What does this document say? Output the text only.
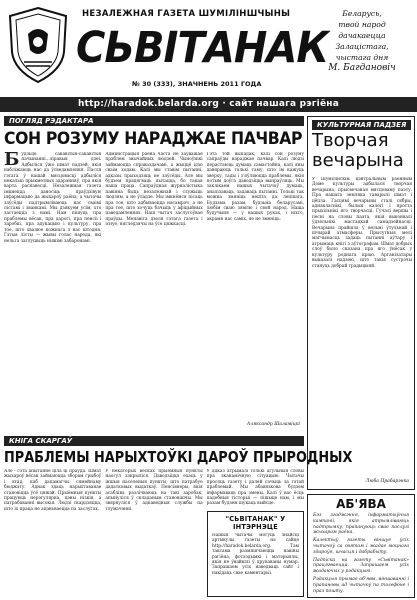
НЕЗАЛЕЖНАЯ ГАЗЕТА ШУМІЛІНШЧЫНЫ
СЬВІТАНАК
№ 30 (333), ЗНАЧНЕНЬ 2011 ГОДА
Беларусь,
твой народ
дачакаецца
Залацістага,
чыстага дня
М. Багдановіч
http://haradok.belarda.org · сайт нашага рэгіёна
ПОГЛЯД РЭДАКТАРА
СОН РОЗУМУ НАРАДЖАЕ ПАЧВАР
Б удзьце сакавітыя-сакавітыя пачынанні...ліравыя дзеі. Адбыліся ўжо шмат падзей, якія набліжаюць нас да ўсведамлення. Пасля гэтага ў нашай мясцовасці адбыліся некалькі прыкметных здарэнняў, пра якія варта распавесці. Незалежная газета імкнецца даносіць праўдзівую інфармацыю да жыхароў раёна, а чытачы заўсёды падтрымліваюць нас сваімі лістамі і званкамі. Мы дзякуем усім, хто застаецца з намі. Нам пішуць пра праблемы вёсак, пра дарогі, пра пенсіі і заробкі, пра адукацыю і культуру, пра тое, што хвалюе кожнага з нас штодня. Гэтыя лісты — жывы голас народа, які нельга заглушыць ніякімі забаронамі.
Адміністрацыя раёна часта не заўважае праблем звычайных людзей. Чыноўнікі займаюцца справаздачамі, а жыццё ідзе сваім ходам. Калі мы ставім пытанні, адказы прыходзяць не заўсёды. Але мы будзем працягваць пытацца, бо такая наша праца. Сапраўдная журналістыка павінна быць незалежнай і служыць людзям, а не ўладзе. Мы імкнёмся пісаць пра тое, што адбываецца насамрэч, а не пра тое, што хочуць бачыць у афіцыйных паведамленнях. Наш чытач заслугоўвае праўды. Менавіта дзеля гэтага газета і існуе, нягледзячы на ўсе цяжкасці.
Гэта той выпадак, калі сон розуму сапраўды нараджае пачвар. Калі людзі перастаюць думаць самастойна, калі яны давяраюць толькі таму, што ім кажуць зверху, тады і з'яўляюцца праблемы, якія потым доўга даводзіцца выпраўляць. Мы заклікаем нашых чытачоў думаць, аналізаваць, задаваць пытанні. Толькі так можна змяніць нешта да лепшага. Будзьма разам, будзьма беларусамі, любім сваю зямлю і свой народ. Наша будучыня — у нашых руках, і ніхто, акрамя нас саміх, яе не зменіць.
Аляксандр Шаламіцкі
КУЛЬТУРНАЯ ПАДЗЕЯ
Творчая вечарына
У Шумілінскім цэнтральным раённым Доме культуры адбылася творчая вечарына, прысвечаная мясцоваму паэту. Пра нашага земляка гаварылі шмат і цёпла. Гасцямі вечарыны сталі сябры, аднакласнікі, былыя калегі і проста прыхільнікі яго творчасці. Гучалі вершы і песні на словы паэта, якія выконвалі ўдзельнікі мастацкай самадзейнасці. Вечарына прайшла ў вельмі ўтульнай і шчырай атмасферы. Прысутныя мелі магчымасць задаць пытанні аўтару і атрымаць кнігі з аўтографам. Шмат добрых слоў было сказана пра яго ўнёсак у культуру роднага краю. Арганізатары выказалі надзею, што такія сустрэчы стануць добрай традыцыяй.
Люба Прабарэнка
КНІГА СКАРГАЎ
ПРАБЛЕМЫ НАРЫХТОЎКІ ДАРОЎ ПРЫРОДНЫХ
Але - гэта апытанне ціла ці праўда. Шмат жыхароў вёсак займаюцца зборам грыбоў і ягад, каб дапамагчы сямейнаму бюджэту. Аднак здаць нарыхтаванае становіцца ўсё цяжэй. Прыёмныя пункты працуюць нерэгулярна, цэны нізкія, а патрабаванні высокія. Людзі скардзяцца, што іх праца не ацэньваецца па заслугах.
У некаторых вёсках прыёмныя пункты наогул закрыліся. Даводзіцца ехаць у іншыя населеныя пункты, што патрабуе дадатковых выдаткаў. Пенсіянеры, якія асабліва разлічваюць на такі заробак, апынуліся ў складаным становішчы. Мы звярнуліся ў адпаведныя службы па тлумачэнні.
У адказ атрымалі толькі агульныя словы пра эканамічную сітуацыю. Чытачы просяць газету і далей сачыць за гэтай праблемай. Мы абавязкова будзем інфармаваць пра змены. Калі ў вас ёсць падобныя гісторыі — пішыце нам, і мы разам будзем шукаць выйсце.
"СЬВІТАНАК" У ІНТЭРНЭЦЕ
Нашыя чытачы могуць знайсці артыкулы газеты на сайце http://haradok.belarda.org. Там таксама размяшчаюцца навіны рэгіёна, фотаздымкі і матэрыялы, якія не ўвайшлі ў друкаваны нумар. Запрашаем усіх наведваць сайт і пакідаць свае каментарыі.
АБ'ЯВА
Бэз згаджэння, інфарматыўныя кампаніі, якія атрымліваюць падтрымку, прапануюць свае паслугі жыхарам раёна.
Калектыў газеты віншуе ўсіх чытачоў са святам і жадае моцнага здароўя, шчасця і дабрабыту.
Падпіска на газету «Сьвітанак» працягваецца. Запрашаем усіх жадаючых у рэдакцыю.
Рэдакцыя прымае аб'явы, віншаванні і прапановы ад чытачоў па тэлефоне і праз пошту.
